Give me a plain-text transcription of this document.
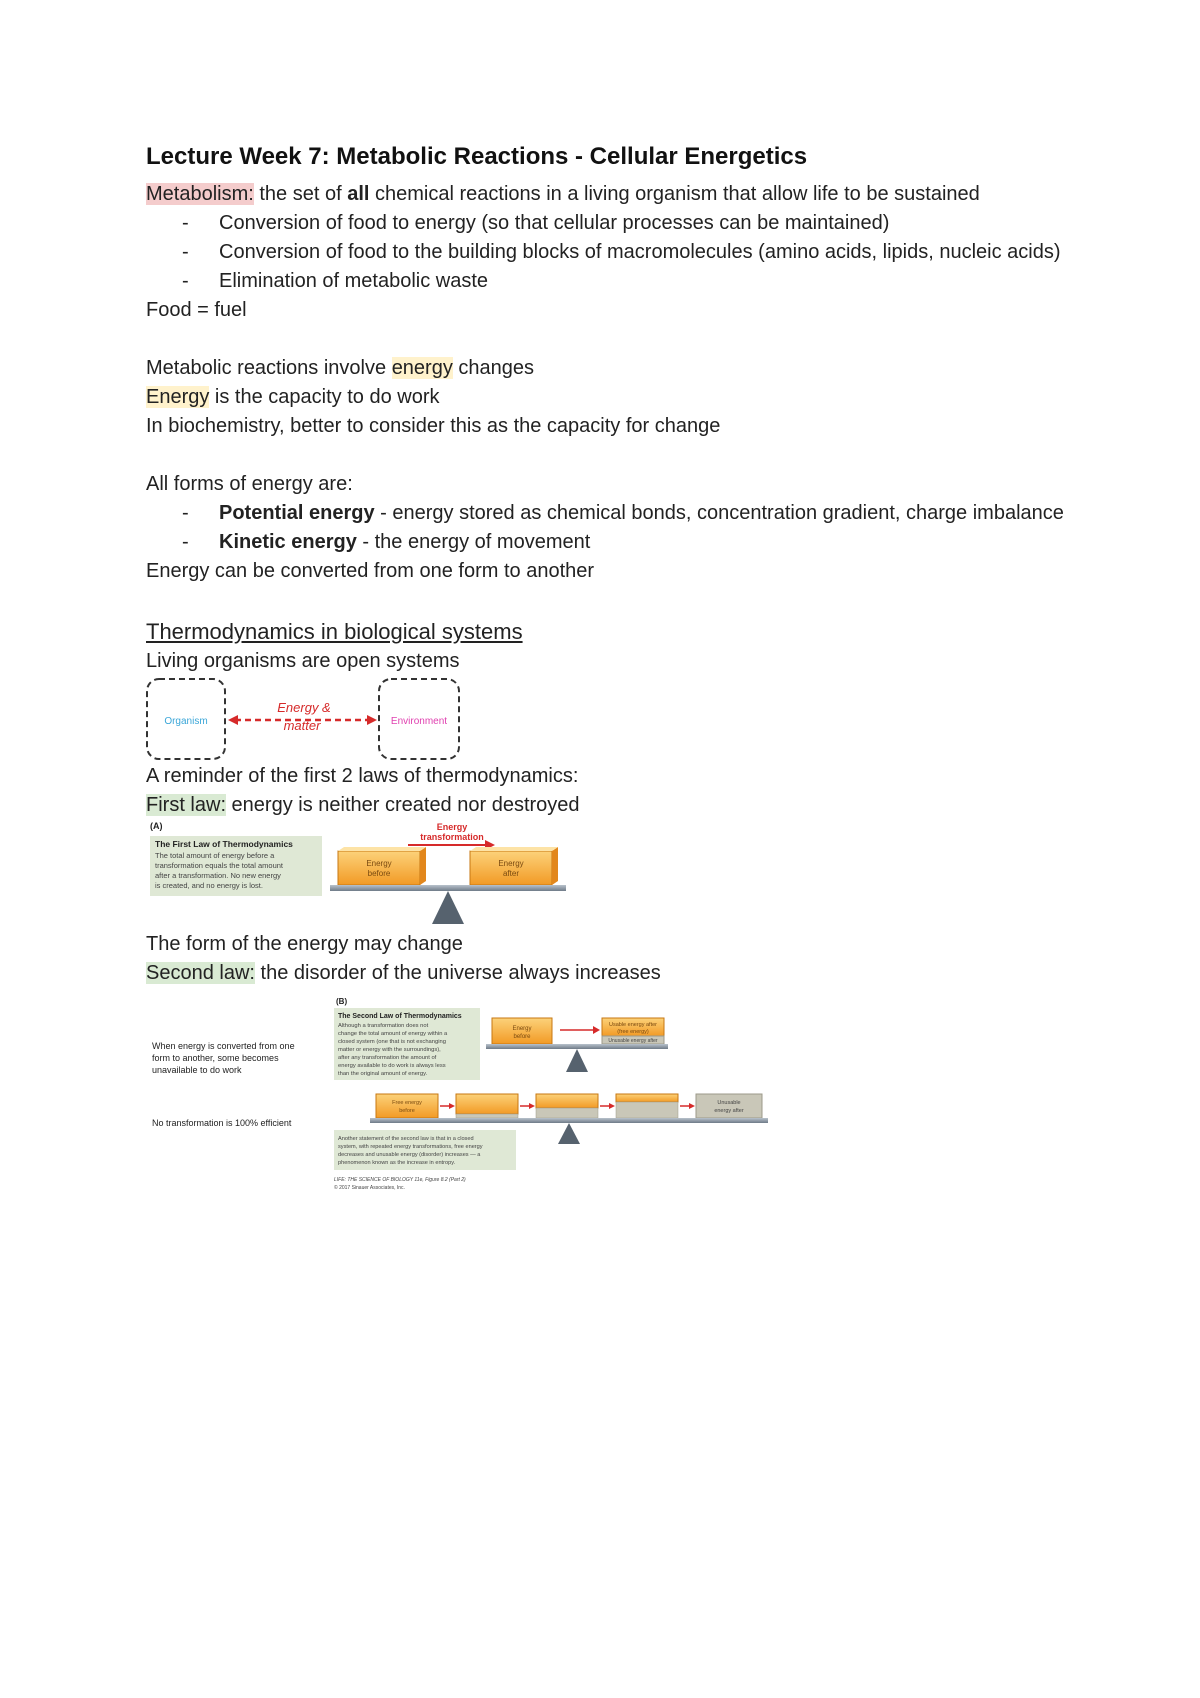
Lecture Week 7: Metabolic Reactions - Cellular Energetics

Metabolism: the set of all chemical reactions in a living organism that allow life to be sustained

- Conversion of food to energy (so that cellular processes can be maintained)
- Conversion of food to the building blocks of macromolecules (amino acids, lipids, nucleic acids)
- Elimination of metabolic waste

Food = fuel

Metabolic reactions involve energy changes

Energy is the capacity to do work

In biochemistry, better to consider this as the capacity for change

All forms of energy are:

- Potential energy - energy stored as chemical bonds, concentration gradient, charge imbalance
- Kinetic energy - the energy of movement

Energy can be converted from one form to another

Thermodynamics in biological systems

Living organisms are open systems

Organism	Environment
Energy &
matter

A reminder of the first 2 laws of thermodynamics:

First law: energy is neither created nor destroyed

(A)
The First Law of Thermodynamics
The total amount of energy before a
transformation equals the total amount
after a transformation. No new energy
is created, and no energy is lost.
Energy
transformation
Energy
before
Energy
after

The form of the energy may change

Second law: the disorder of the universe always increases

When energy is converted from one
form to another, some becomes
unavailable to do work
No transformation is 100% efficient
(B)
The Second Law of Thermodynamics
Although a transformation does not
change the total amount of energy within a
closed system (one that is not exchanging
matter or energy with the surroundings),
after any transformation the amount of
energy available to do work is always less
than the original amount of energy.
Energy
before
Usable energy after
(free energy)
Unusable energy after
Free energy
before
Unusable
energy after
Another statement of the second law is that in a closed
system, with repeated energy transformations, free energy
decreases and unusable energy (disorder) increases — a
phenomenon known as the increase in entropy.
LIFE: THE SCIENCE OF BIOLOGY 11e, Figure 8.2 (Part 2)
© 2017 Sinauer Associates, Inc.
